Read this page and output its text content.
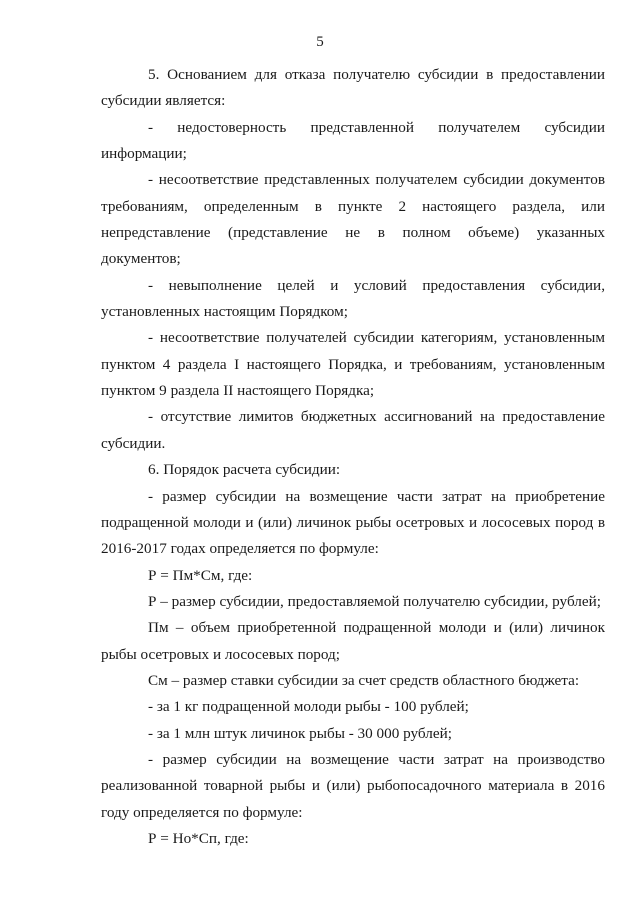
5

5. Основанием для отказа получателю субсидии в предоставлении субсидии является:

- недостоверность представленной получателем субсидии информации;

- несоответствие представленных получателем субсидии документов требованиям, определенным в пункте 2 настоящего раздела, или непредставление (представление не в полном объеме) указанных документов;

- невыполнение целей и условий предоставления субсидии, установленных настоящим Порядком;

- несоответствие получателей субсидии категориям, установленным пунктом 4 раздела I настоящего Порядка, и требованиям, установленным пунктом 9 раздела II настоящего Порядка;

- отсутствие лимитов бюджетных ассигнований на предоставление субсидии.

6. Порядок расчета субсидии:

- размер субсидии на возмещение части затрат на приобретение подращенной молоди и (или) личинок рыбы осетровых и лососевых пород в 2016-2017 годах определяется по формуле:

Р = Пм*См, где:

Р – размер субсидии, предоставляемой получателю субсидии, рублей;

Пм – объем приобретенной подращенной молоди и (или) личинок рыбы осетровых и лососевых пород;

См – размер ставки субсидии за счет средств областного бюджета:

- за 1 кг подращенной молоди рыбы - 100 рублей;

- за 1 млн штук личинок рыбы - 30 000 рублей;

- размер субсидии на возмещение части затрат на производство реализованной товарной рыбы и (или) рыбопосадочного материала в 2016 году определяется по формуле:

Р = Но*Сп, где:
